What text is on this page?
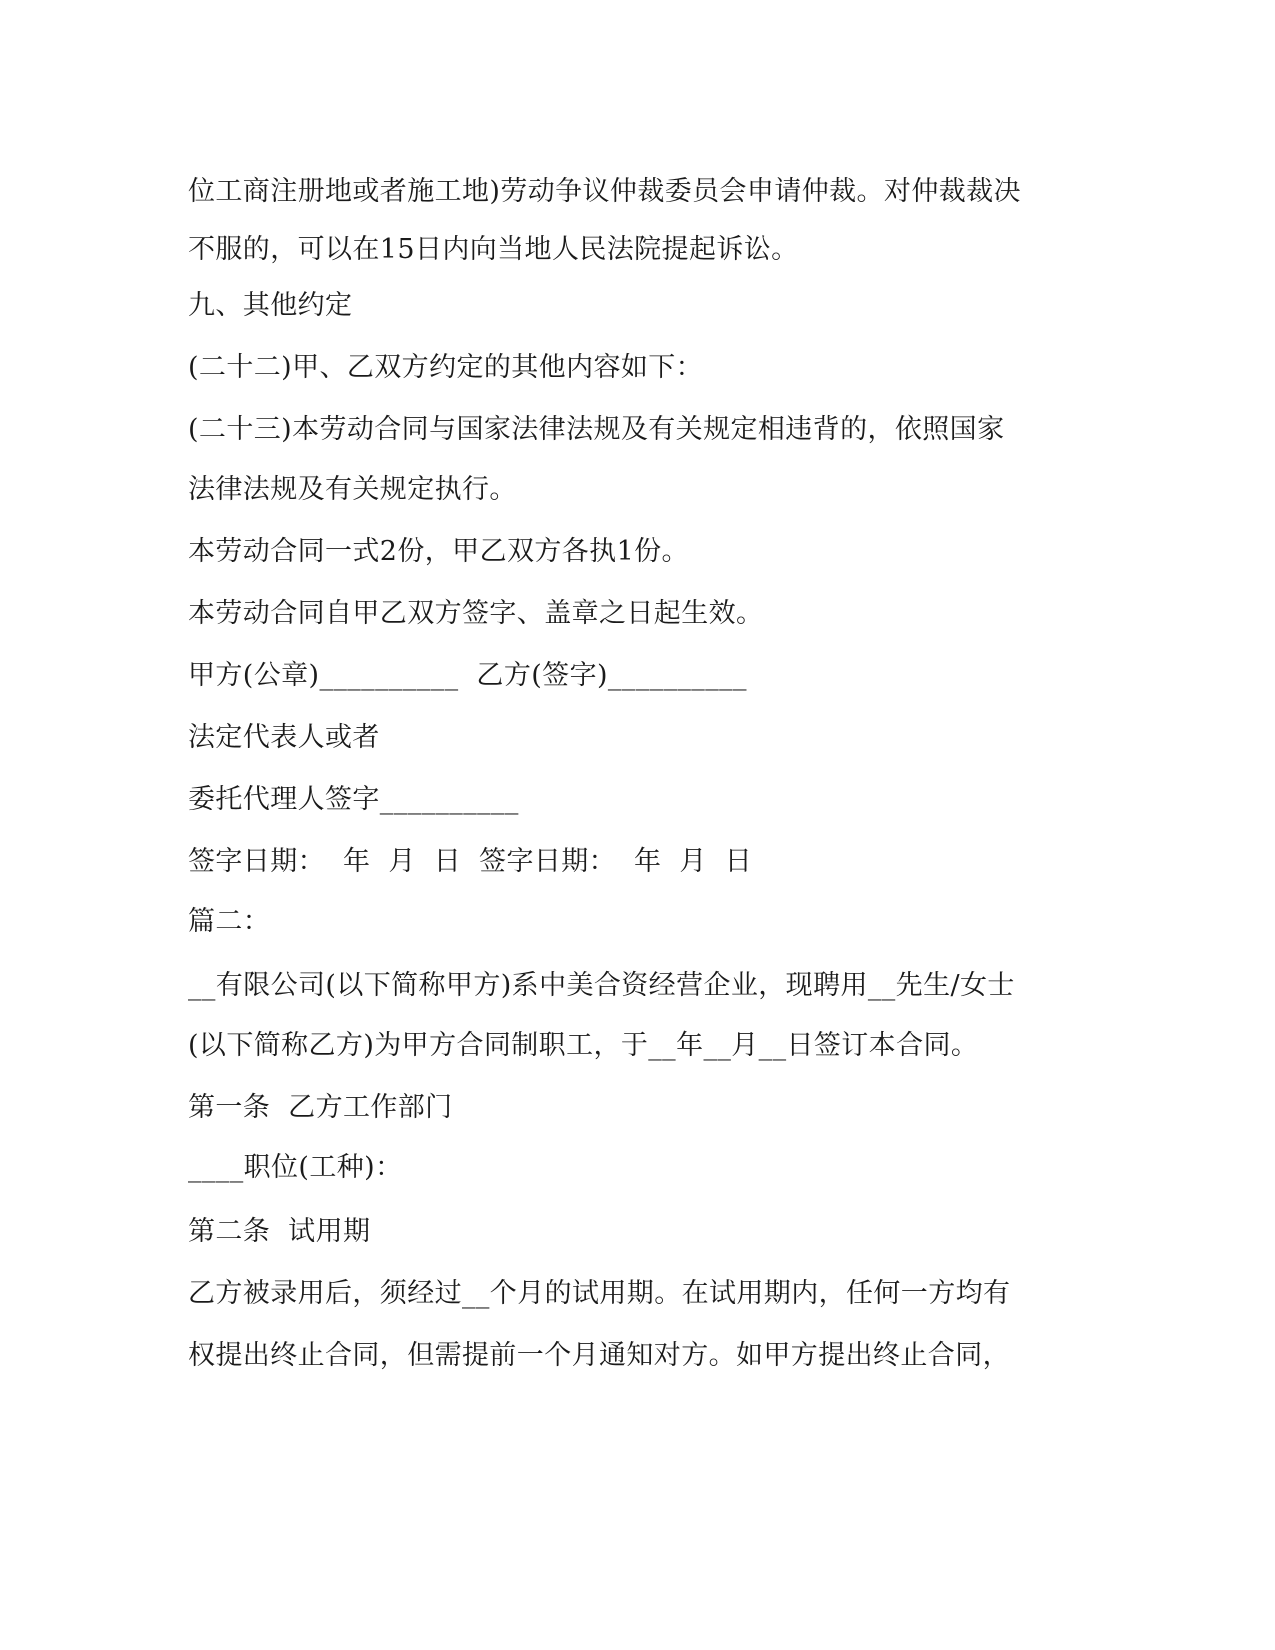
位工商注册地或者施工地)劳动争议仲裁委员会申请仲裁。对仲裁裁决
不服的，可以在15日内向当地人民法院提起诉讼。
九、其他约定
(二十二)甲、乙双方约定的其他内容如下：
(二十三)本劳动合同与国家法律法规及有关规定相违背的，依照国家
法律法规及有关规定执行。
本劳动合同一式2份，甲乙双方各执1份。
本劳动合同自甲乙双方签字、盖章之日起生效。
甲方(公章)__________  乙方(签字)__________
法定代表人或者
委托代理人签字__________
签字日期：  年  月  日  签字日期：  年  月  日
篇二：
__有限公司(以下简称甲方)系中美合资经营企业，现聘用__先生/女士
(以下简称乙方)为甲方合同制职工，于__年__月__日签订本合同。
第一条  乙方工作部门
____职位(工种)：
第二条  试用期
乙方被录用后，须经过__个月的试用期。在试用期内，任何一方均有
权提出终止合同，但需提前一个月通知对方。如甲方提出终止合同，
